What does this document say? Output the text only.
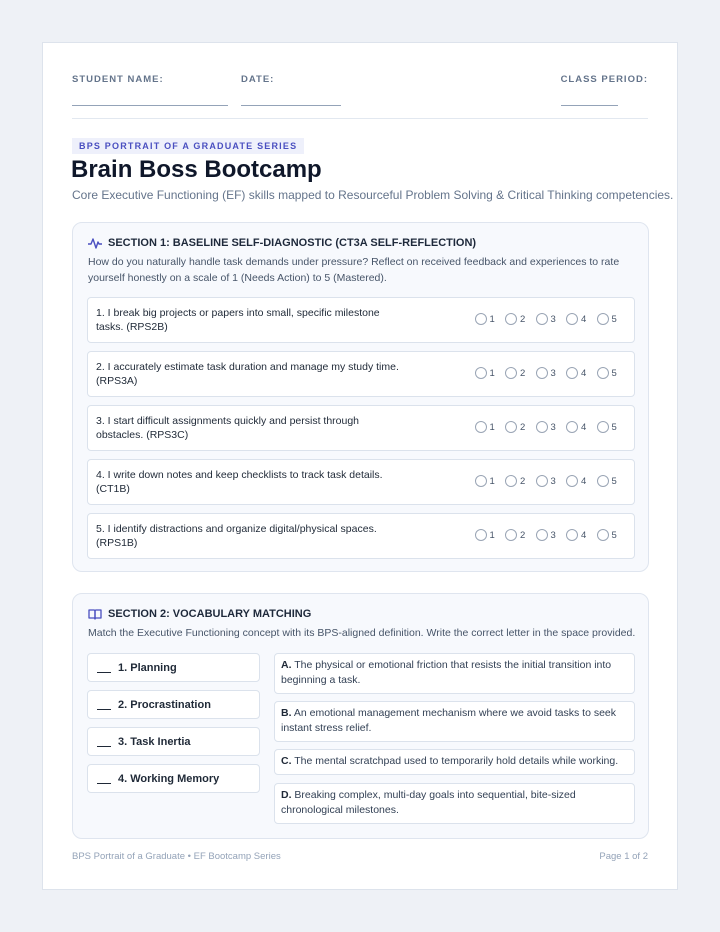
STUDENT NAME:	DATE:	CLASS PERIOD:
BPS PORTRAIT OF A GRADUATE SERIES
Brain Boss Bootcamp
Core Executive Functioning (EF) skills mapped to Resourceful Problem Solving & Critical Thinking competencies.
SECTION 1: BASELINE SELF-DIAGNOSTIC (CT3A SELF-REFLECTION)
How do you naturally handle task demands under pressure? Reflect on received feedback and experiences to rate yourself honestly on a scale of 1 (Needs Action) to 5 (Mastered).
1. I break big projects or papers into small, specific milestone tasks. (RPS2B)
1	2	3	4	5
2. I accurately estimate task duration and manage my study time. (RPS3A)
1	2	3	4	5
3. I start difficult assignments quickly and persist through obstacles. (RPS3C)
1	2	3	4	5
4. I write down notes and keep checklists to track task details. (CT1B)
1	2	3	4	5
5. I identify distractions and organize digital/physical spaces. (RPS1B)
1	2	3	4	5
SECTION 2: VOCABULARY MATCHING
Match the Executive Functioning concept with its BPS-aligned definition. Write the correct letter in the space provided.
1. Planning
2. Procrastination
3. Task Inertia
4. Working Memory
A. The physical or emotional friction that resists the initial transition into beginning a task.
B. An emotional management mechanism where we avoid tasks to seek instant stress relief.
C. The mental scratchpad used to temporarily hold details while working.
D. Breaking complex, multi-day goals into sequential, bite-sized chronological milestones.
BPS Portrait of a Graduate • EF Bootcamp Series	Page 1 of 2
